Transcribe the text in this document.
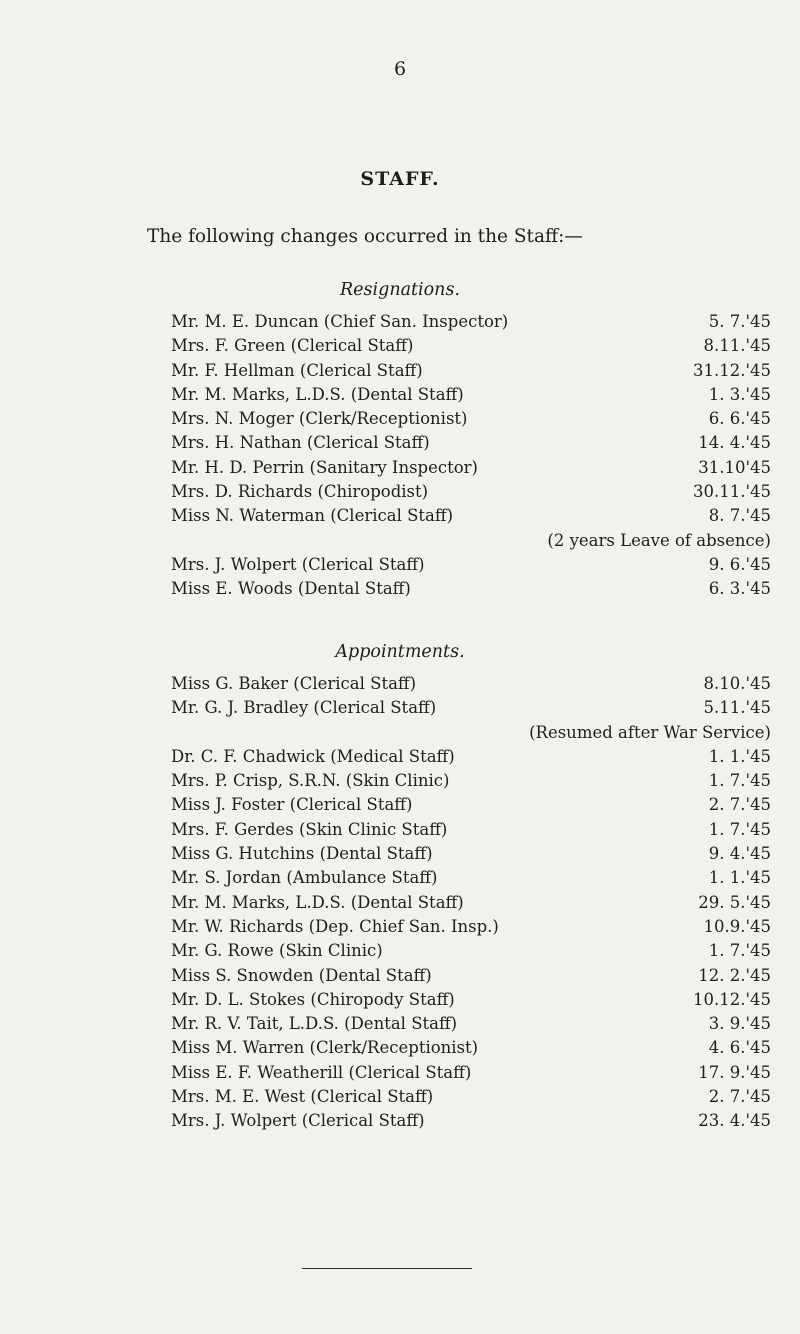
6
STAFF.
The following changes occurred in the Staff:—
Resignations.
Mr. M. E. Duncan (Chief San. Inspector)	5. 7.'45
Mrs. F. Green (Clerical Staff)	8.11.'45
Mr. F. Hellman (Clerical Staff)	31.12.'45
Mr. M. Marks, L.D.S. (Dental Staff)	1. 3.'45
Mrs. N. Moger (Clerk/Receptionist)	6. 6.'45
Mrs. H. Nathan (Clerical Staff)	14. 4.'45
Mr. H. D. Perrin (Sanitary Inspector)	31.10'45
Mrs. D. Richards (Chiropodist)	30.11.'45
Miss N. Waterman (Clerical Staff)	8. 7.'45
(2 years Leave of absence)
Mrs. J. Wolpert (Clerical Staff)	9. 6.'45
Miss E. Woods (Dental Staff)	6. 3.'45
Appointments.
Miss G. Baker (Clerical Staff)	8.10.'45
Mr. G. J. Bradley (Clerical Staff)	5.11.'45
(Resumed after War Service)
Dr. C. F. Chadwick (Medical Staff)	1. 1.'45
Mrs. P. Crisp, S.R.N. (Skin Clinic)	1. 7.'45
Miss J. Foster (Clerical Staff)	2. 7.'45
Mrs. F. Gerdes (Skin Clinic Staff)	1. 7.'45
Miss G. Hutchins (Dental Staff)	9. 4.'45
Mr. S. Jordan (Ambulance Staff)	1. 1.'45
Mr. M. Marks, L.D.S. (Dental Staff)	29. 5.'45
Mr. W. Richards (Dep. Chief San. Insp.)	10.9.'45
Mr. G. Rowe (Skin Clinic)	1. 7.'45
Miss S. Snowden (Dental Staff)	12. 2.'45
Mr. D. L. Stokes (Chiropody Staff)	10.12.'45
Mr. R. V. Tait, L.D.S. (Dental Staff)	3. 9.'45
Miss M. Warren (Clerk/Receptionist)	4. 6.'45
Miss E. F. Weatherill (Clerical Staff)	17. 9.'45
Mrs. M. E. West (Clerical Staff)	2. 7.'45
Mrs. J. Wolpert (Clerical Staff)	23. 4.'45
